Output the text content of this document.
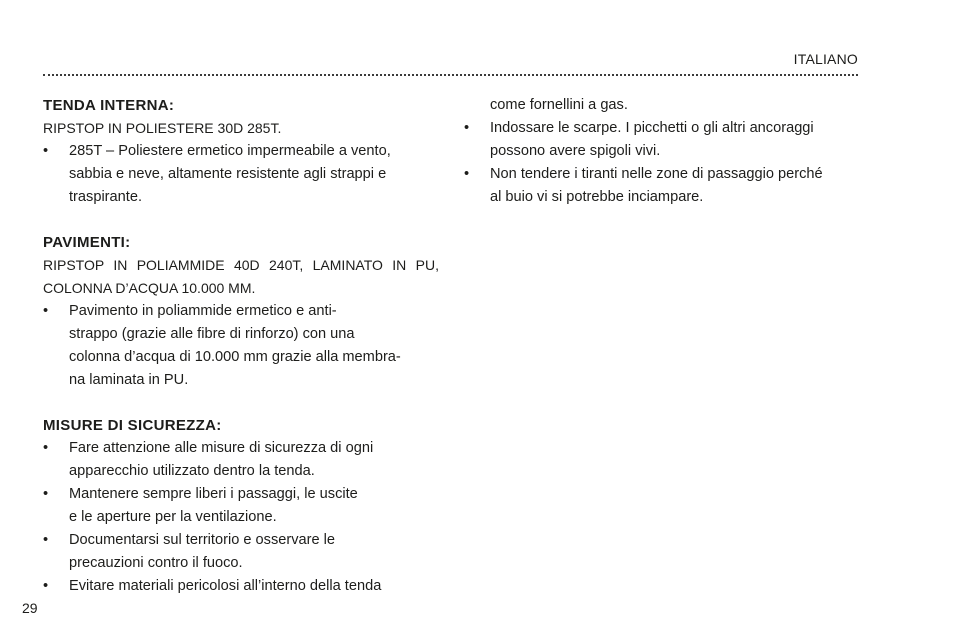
ITALIANO
TENDA INTERNA:

RIPSTOP IN POLIESTERE 30D 285T.

•	285T – Poliestere ermetico impermeabile a vento,
sabbia e neve, altamente resistente agli strappi e
traspirante.
PAVIMENTI:

RIPSTOP IN POLIAMMIDE 40D 240T, LAMINATO IN PU,
COLONNA D’ACQUA 10.000 MM.

•	Pavimento in poliammide ermetico e anti-
strappo (grazie alle fibre di rinforzo) con una
colonna d’acqua di 10.000 mm grazie alla membra-
na laminata in PU.
MISURE DI SICUREZZA:
•	Fare attenzione alle misure di sicurezza di ogni
apparecchio utilizzato dentro la tenda.
•	Mantenere sempre liberi i passaggi, le uscite
e le aperture per la ventilazione.
•	Documentarsi sul territorio e osservare le
precauzioni contro il fuoco.
•	Evitare materiali pericolosi all’interno della tenda

come fornellini a gas.

•	Indossare le scarpe. I picchetti o gli altri ancoraggi
possono avere spigoli vivi.
•	Non tendere i tiranti nelle zone di passaggio perché
al buio vi si potrebbe inciampare.
29
